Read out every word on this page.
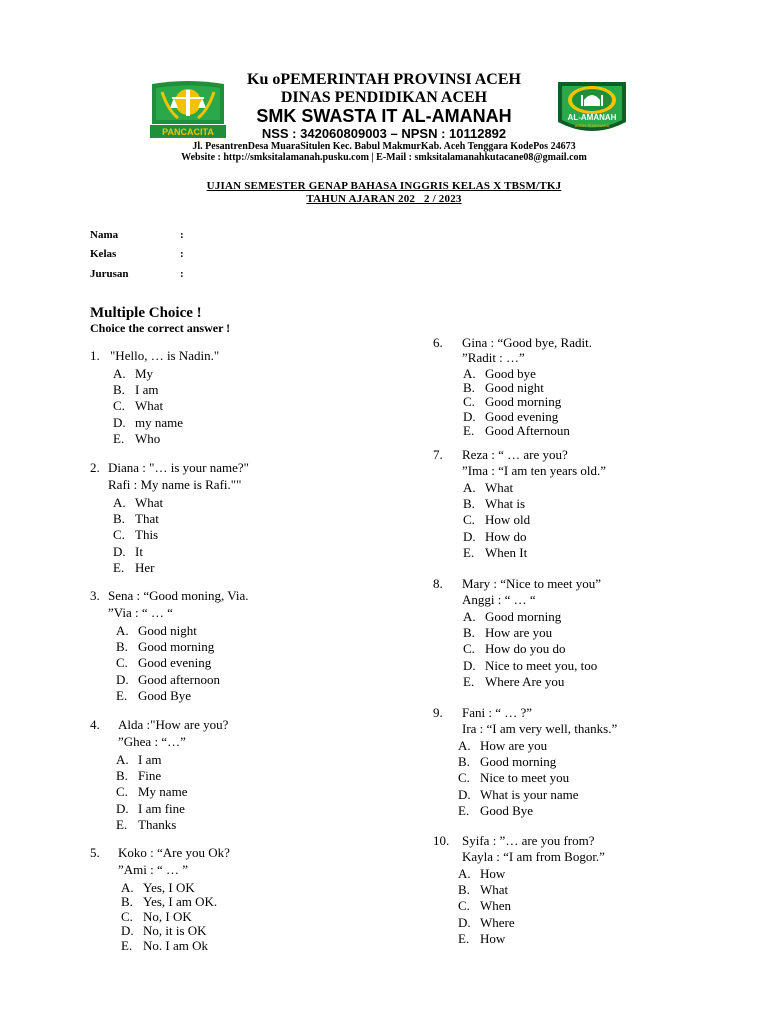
PANCACITA
AL-AMANAH
ACEH TENGGARA
Ku oPEMERINTAH PROVINSI ACEH
DINAS PENDIDIKAN ACEH
SMK SWASTA IT AL-AMANAH
NSS : 342060809003 – NPSN : 10112892
Jl. PesantrenDesa MuaraSitulen Kec. Babul MakmurKab. Aceh Tenggara KodePos 24673
Website : http://smksitalamanah.pusku.com | E-Mail : smksitalamanahkutacane08@gmail.com
UJIAN SEMESTER GENAP BAHASA INGGRIS KELAS X TBSM/TKJ
TAHUN AJARAN 202   2 / 2023
Nama	:
Kelas	:
Jurusan	:
Multiple Choice !
Choice the correct answer !
1. "Hello, … is Nadin."
A. My
B. I am
C. What
D. my name
E. Who
2. Diana : "… is your name?"
Rafi : My name is Rafi.""
A. What
B. That
C. This
D. It
E. Her
3. Sena : “Good moning, Via.
”Via : “ … “
A. Good night
B. Good morning
C. Good evening
D. Good afternoon
E. Good Bye
4. Alda :"How are you?
”Ghea : “…”
A. I am
B. Fine
C. My name
D. I am fine
E. Thanks
5. Koko : “Are you Ok?
”Ami : “ … ”
A. Yes, I OK
B. Yes, I am OK.
C. No, I OK
D. No, it is OK
E. No. I am Ok
6. Gina : “Good bye, Radit.
”Radit : …”
A. Good bye
B. Good night
C. Good morning
D. Good evening
E. Good Afternoun
7. Reza : “ … are you?
”Ima : “I am ten years old.”
A. What
B. What is
C. How old
D. How do
E. When It
8. Mary : “Nice to meet you”
Anggi : “ … “
A. Good morning
B. How are you
C. How do you do
D. Nice to meet you, too
E. Where Are you
9. Fani : “ … ?”
Ira : “I am very well, thanks.”
A. How are you
B. Good morning
C. Nice to meet you
D. What is your name
E. Good Bye
10. Syifa : ”… are you from?
Kayla : “I am from Bogor.”
A. How
B. What
C. When
D. Where
E. How
